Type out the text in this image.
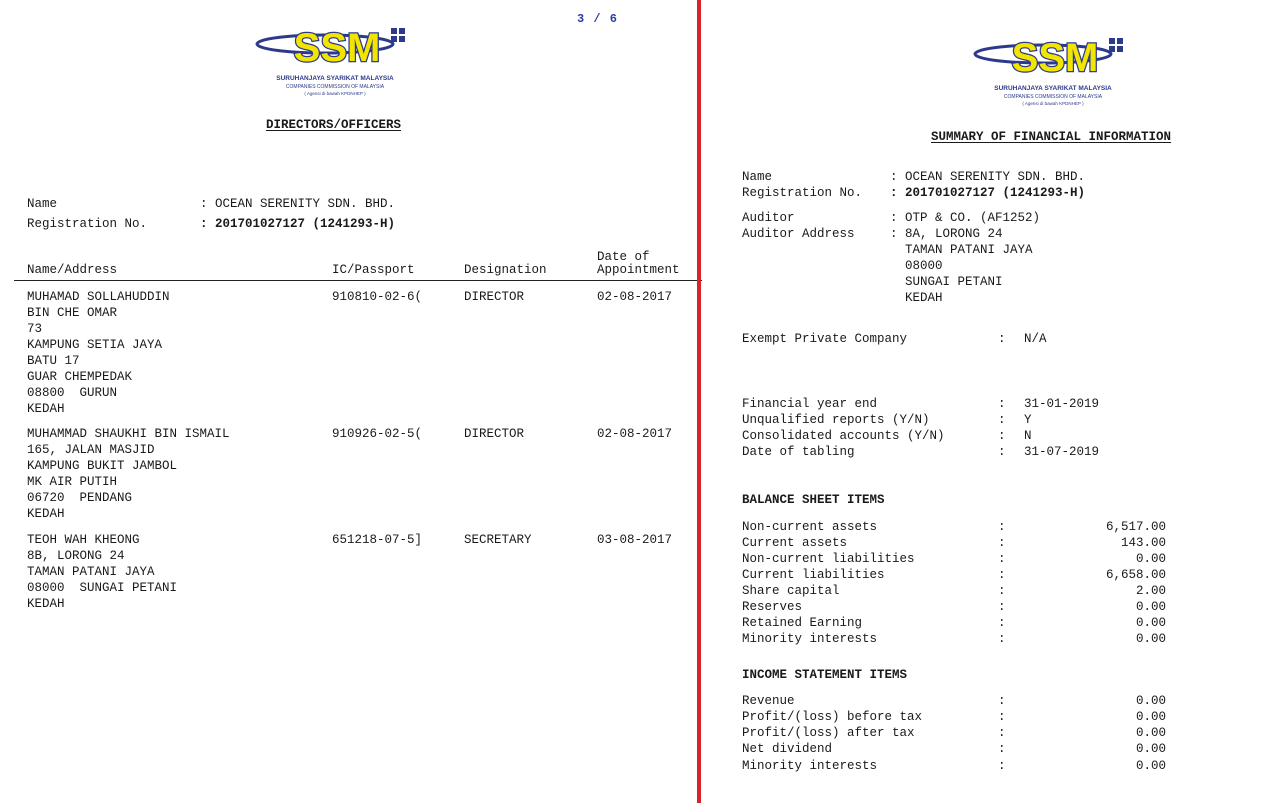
SSM
SURUHANJAYA SYARIKAT MALAYSIA
COMPANIES COMMISSION OF MALAYSIA
( Agensi di bawah KPDNHEP )
3 / 6
DIRECTORS/OFFICERS
Name	: OCEAN SERENITY SDN. BHD.
Registration No.	: 201701027127 (1241293-H)
Name/Address	IC/Passport	Designation
Date of
Appointment
MUHAMAD SOLLAHUDDIN
BIN CHE OMAR
73
KAMPUNG SETIA JAYA
BATU 17
GUAR CHEMPEDAK
08800  GURUN
KEDAH
910810-02-6(	DIRECTOR	02-08-2017
MUHAMMAD SHAUKHI BIN ISMAIL
165, JALAN MASJID
KAMPUNG BUKIT JAMBOL
MK AIR PUTIH
06720  PENDANG
KEDAH
910926-02-5(	DIRECTOR	02-08-2017
TEOH WAH KHEONG
8B, LORONG 24
TAMAN PATANI JAYA
08000  SUNGAI PETANI
KEDAH
651218-07-5]	SECRETARY	03-08-2017
SSM
SURUHANJAYA SYARIKAT MALAYSIA
COMPANIES COMMISSION OF MALAYSIA
( Agensi di bawah KPDNHEP )
SUMMARY OF FINANCIAL INFORMATION
Name	: OCEAN SERENITY SDN. BHD.
Registration No. : 201701027127 (1241293-H)
Auditor	: OTP & CO. (AF1252)
Auditor Address	: 8A, LORONG 24
TAMAN PATANI JAYA
08000
SUNGAI PETANI
KEDAH
Exempt Private Company	: N/A
Financial year end	: 31-01-2019
Unqualified reports (Y/N)	: Y
Consolidated accounts (Y/N)	: N
Date of tabling	: 31-07-2019
BALANCE SHEET ITEMS
Non-current assets	:	6,517.00
Current assets	:	143.00
Non-current liabilities	:	0.00
Current liabilities	:	6,658.00
Share capital	:	2.00
Reserves	:	0.00
Retained Earning	:	0.00
Minority interests	:	0.00
INCOME STATEMENT ITEMS
Revenue	:	0.00
Profit/(loss) before tax	:	0.00
Profit/(loss) after tax	:	0.00
Net dividend	:	0.00
Minority interests	:	0.00
